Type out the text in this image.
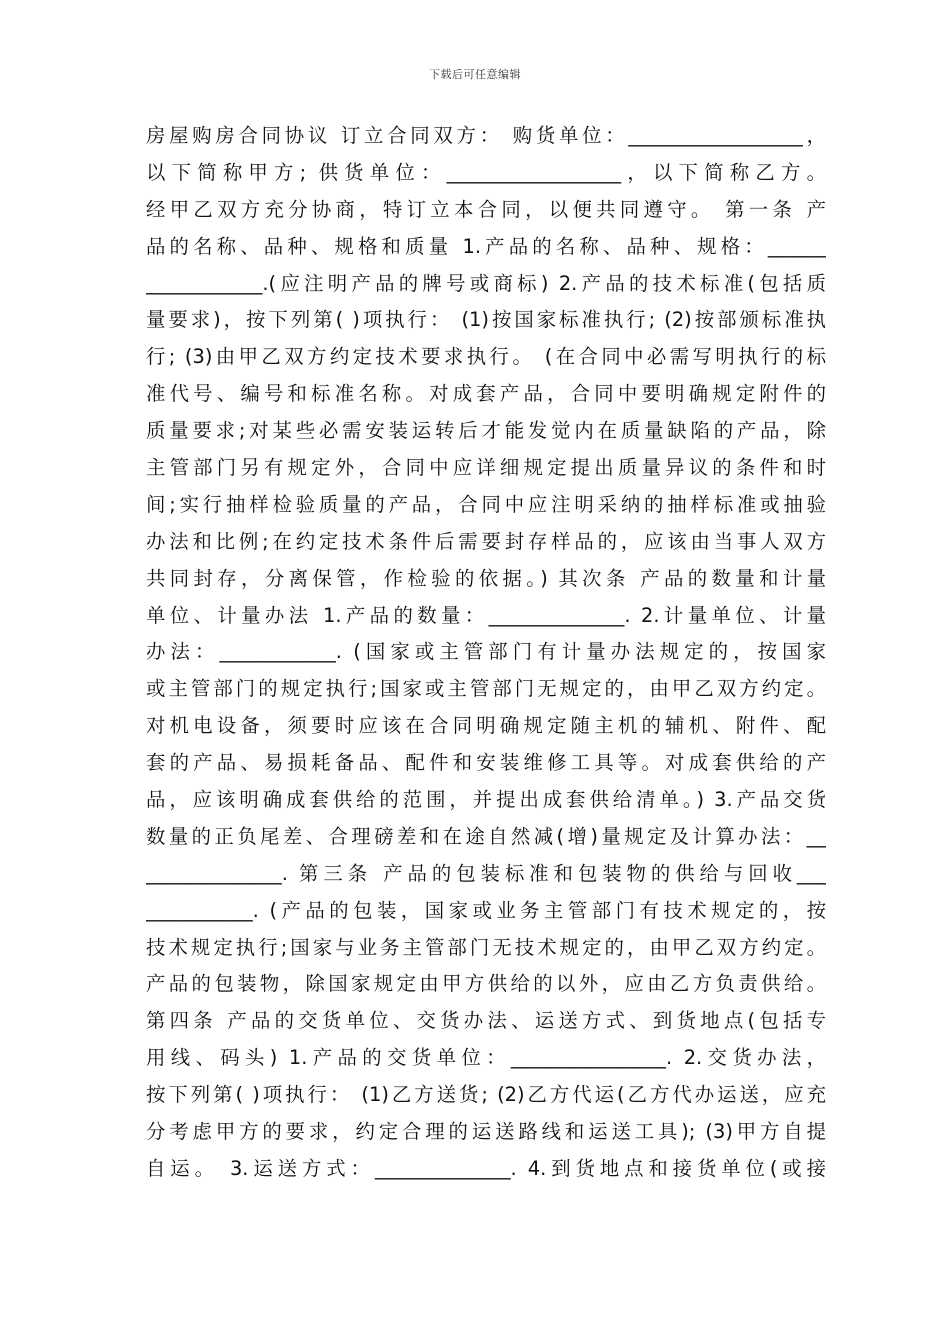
下载后可任意编辑
房屋购房合同协议 订立合同双方： 购货单位：__________________，
以下简称甲方; 供货单位：__________________，以下简称乙方。
经甲乙双方充分协商，特订立本合同，以便共同遵守。 第一条 产
品的名称、品种、规格和质量 1.产品的名称、品种、规格：______
____________.(应注明产品的牌号或商标) 2.产品的技术标准(包括质
量要求)，按下列第( )项执行： (1)按国家标准执行; (2)按部颁标准执
行; (3)由甲乙双方约定技术要求执行。 (在合同中必需写明执行的标
准代号、编号和标准名称。对成套产品，合同中要明确规定附件的
质量要求;对某些必需安装运转后才能发觉内在质量缺陷的产品，除
主管部门另有规定外，合同中应详细规定提出质量异议的条件和时
间;实行抽样检验质量的产品，合同中应注明采纳的抽样标准或抽验
办法和比例;在约定技术条件后需要封存样品的，应该由当事人双方
共同封存，分离保管，作检验的依据。) 其次条 产品的数量和计量
单位、计量办法 1.产品的数量：______________. 2.计量单位、计量
办法：____________. (国家或主管部门有计量办法规定的，按国家
或主管部门的规定执行;国家或主管部门无规定的，由甲乙双方约定。
对机电设备，须要时应该在合同明确规定随主机的辅机、附件、配
套的产品、易损耗备品、配件和安装维修工具等。对成套供给的产
品，应该明确成套供给的范围，并提出成套供给清单。) 3.产品交货
数量的正负尾差、合理磅差和在途自然减(增)量规定及计算办法：__
______________. 第三条 产品的包装标准和包装物的供给与回收___
___________. (产品的包装，国家或业务主管部门有技术规定的，按
技术规定执行;国家与业务主管部门无技术规定的，由甲乙双方约定。
产品的包装物，除国家规定由甲方供给的以外，应由乙方负责供给。
第四条 产品的交货单位、交货办法、运送方式、到货地点(包括专
用线、码头) 1.产品的交货单位：________________. 2.交货办法，
按下列第( )项执行： (1)乙方送货; (2)乙方代运(乙方代办运送，应充
分考虑甲方的要求，约定合理的运送路线和运送工具); (3)甲方自提
自运。 3.运送方式：______________. 4.到货地点和接货单位(或接
